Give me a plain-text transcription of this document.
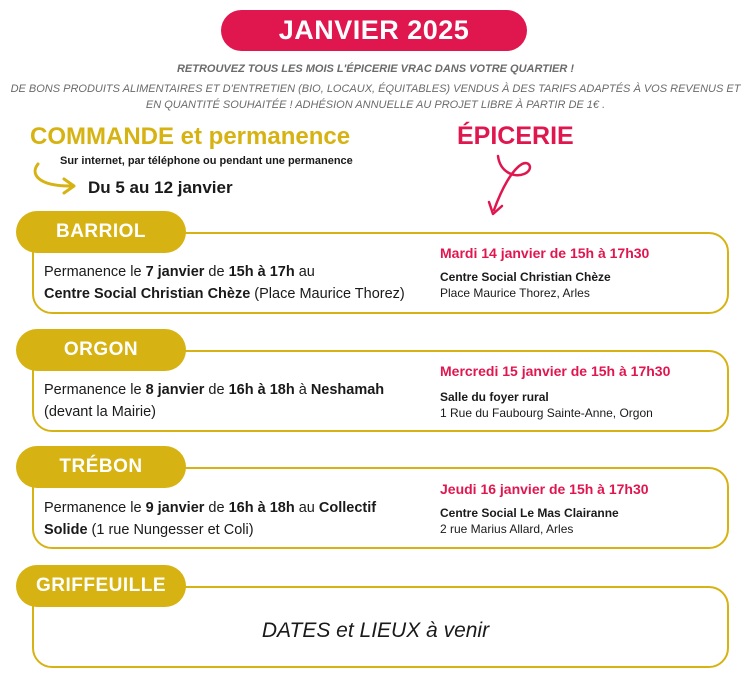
JANVIER 2025
RETROUVEZ TOUS LES MOIS L'ÉPICERIE VRAC DANS VOTRE QUARTIER !
DE BONS PRODUITS ALIMENTAIRES ET D'ENTRETIEN (BIO, LOCAUX, ÉQUITABLES) VENDUS À DES TARIFS ADAPTÉS À VOS REVENUS ET EN QUANTITÉ SOUHAITÉE ! ADHÉSION ANNUELLE AU PROJET LIBRE À PARTIR DE 1€ .
COMMANDE et permanence
Sur internet, par téléphone ou pendant une permanence
Du 5 au 12 janvier
ÉPICERIE
BARRIOL
Permanence le 7 janvier de 15h à 17h au
Centre Social Christian Chèze (Place Maurice Thorez)
Mardi 14 janvier de 15h à 17h30
Centre Social Christian Chèze
Place Maurice Thorez, Arles
ORGON
Permanence le 8 janvier de 16h à 18h à Neshamah
(devant la Mairie)
Mercredi 15 janvier de 15h à 17h30
Salle du foyer rural
1 Rue du Faubourg Sainte-Anne, Orgon
TRÉBON
Permanence le 9 janvier de 16h à 18h au Collectif
Solide (1 rue Nungesser et Coli)
Jeudi 16 janvier de 15h à 17h30
Centre Social Le Mas Clairanne
2 rue Marius Allard, Arles
GRIFFEUILLE
DATES et LIEUX à venir
